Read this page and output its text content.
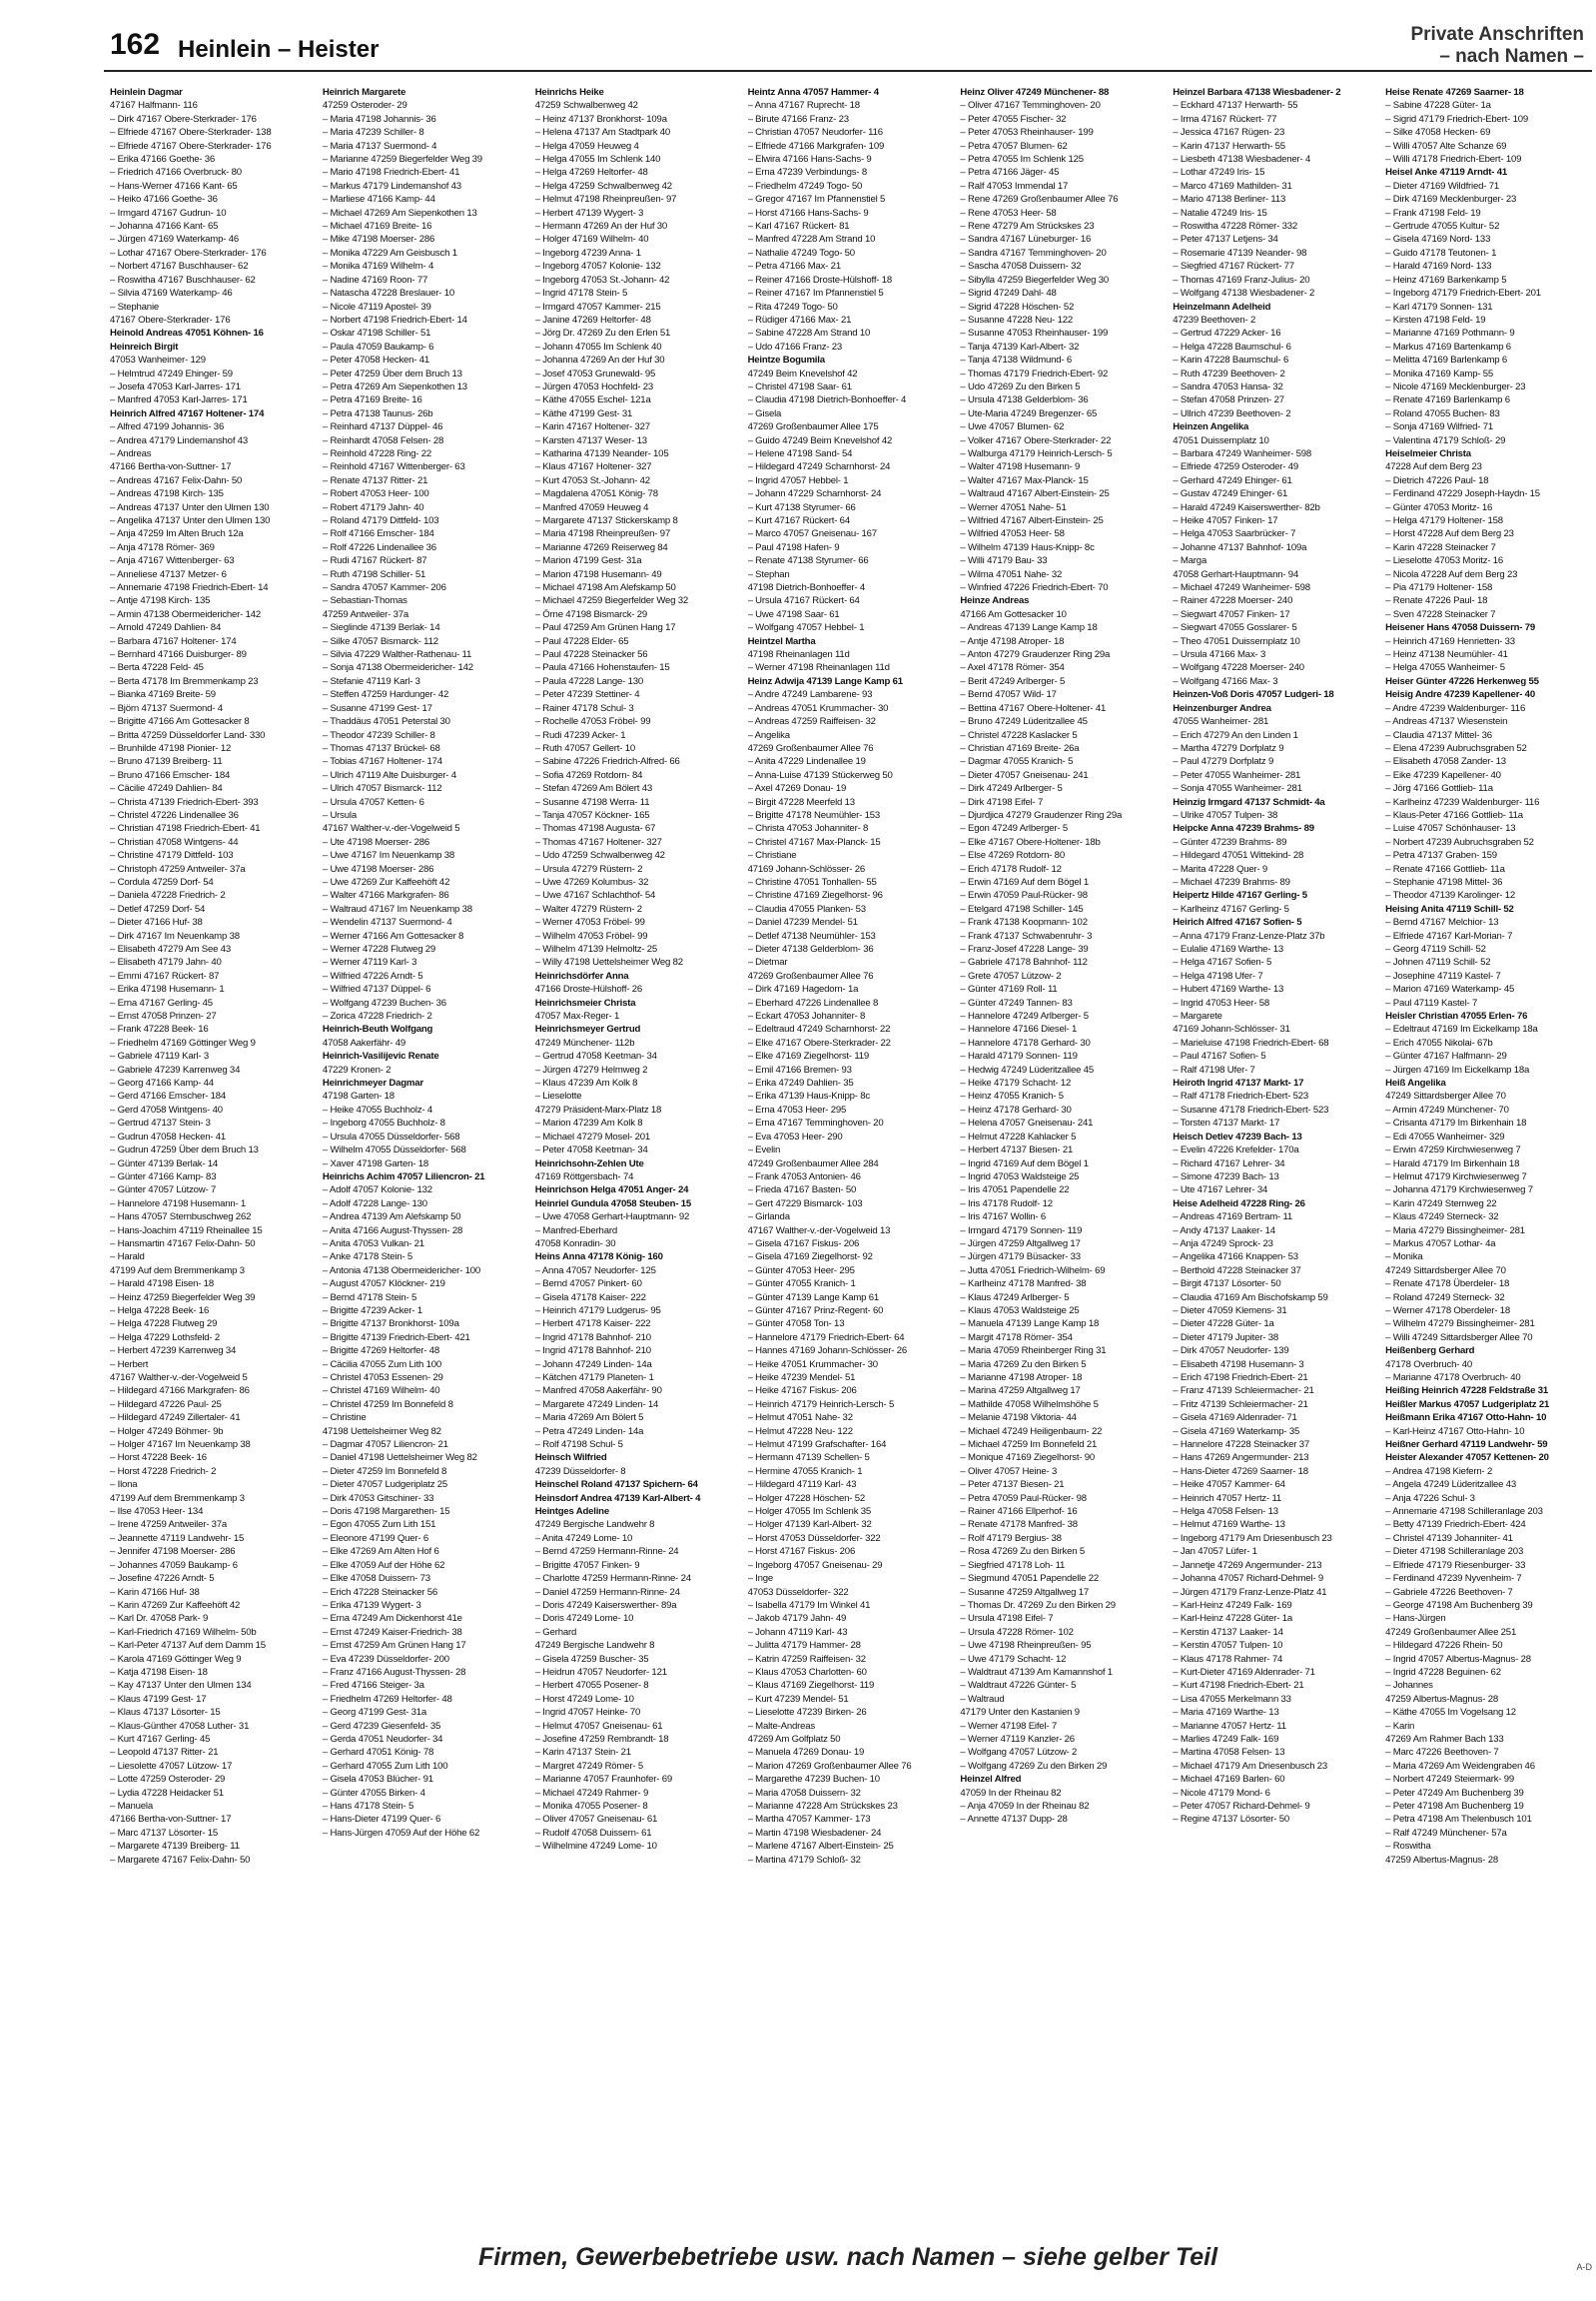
162 Heinlein – Heister
Private Anschriften
– nach Namen –
Heinlein Dagmar
47167 Halfmann- 116
– Dirk 47167 Obere-Sterkrader- 176
– Elfriede 47167 Obere-Sterkrader- 138
– Elfriede 47167 Obere-Sterkrader- 176
– Erika 47166 Goethe- 36
– Friedrich 47166 Overbruck- 80
– Hans-Werner 47166 Kant- 65
– Heiko 47166 Goethe- 36
– Irmgard 47167 Gudrun- 10
– Johanna 47166 Kant- 65
– Jürgen 47169 Waterkamp- 46
– Lothar 47167 Obere-Sterkrader- 176
– Norbert 47167 Buschhauser- 62
– Roswitha 47167 Buschhauser- 62
– Silvia 47169 Waterkamp- 46
– Stephanie
47167 Obere-Sterkrader- 176
Heinold Andreas 47051 Köhnen- 16
Heinreich Birgit
47053 Wanheimer- 129
– Helmtrud 47249 Ehinger- 59
– Josefa 47053 Karl-Jarres- 171
– Manfred 47053 Karl-Jarres- 171
Heinrich Alfred 47167 Holtener- 174
– Alfred 47199 Johannis- 36
– Andrea 47179 Lindemanshof 43
– Andreas
47166 Bertha-von-Suttner- 17
– Andreas 47167 Felix-Dahn- 50
– Andreas 47198 Kirch- 135
– Andreas 47137 Unter den Ulmen 130
– Angelika 47137 Unter den Ulmen 130
– Anja 47259 Im Alten Bruch 12a
– Anja 47178 Römer- 369
– Anja 47167 Wittenberger- 63
– Anneliese 47137 Metzer- 6
– Annemarie 47198 Friedrich-Ebert- 14
– Antje 47198 Kirch- 135
– Armin 47138 Obermeidericher- 142
– Arnold 47249 Dahlien- 84
– Barbara 47167 Holtener- 174
– Bernhard 47166 Duisburger- 89
– Berta 47228 Feld- 45
– Berta 47178 Im Bremmenkamp 23
– Bianka 47169 Breite- 59
– Björn 47137 Suermond- 4
– Brigitte 47166 Am Gottesacker 8
– Britta 47259 Düsseldorfer Land- 330
– Brunhilde 47198 Pionier- 12
– Bruno 47139 Breiberg- 11
– Bruno 47166 Emscher- 184
– Cäcilie 47249 Dahlien- 84
– Christa 47139 Friedrich-Ebert- 393
– Christel 47226 Lindenallee 36
– Christian 47198 Friedrich-Ebert- 41
– Christian 47058 Wintgens- 44
– Christine 47179 Dittfeld- 103
– Christoph 47259 Antweiler- 37a
– Cordula 47259 Dorf- 54
– Daniela 47228 Friedrich- 2
– Detlef 47259 Dorf- 54
– Dieter 47166 Huf- 38
– Dirk 47167 Im Neuenkamp 38
– Elisabeth 47279 Am See 43
– Elisabeth 47179 Jahn- 40
– Emmi 47167 Rückert- 87
– Erika 47198 Husemann- 1
– Erna 47167 Gerling- 45
– Ernst 47058 Prinzen- 27
– Frank 47228 Beek- 16
– Friedhelm 47169 Göttinger Weg 9
– Gabriele 47119 Karl- 3
– Gabriele 47239 Karrenweg 34
– Georg 47166 Kamp- 44
– Gerd 47166 Emscher- 184
– Gerd 47058 Wintgens- 40
– Gertrud 47137 Stein- 3
– Gudrun 47058 Hecken- 41
– Gudrun 47259 Über dem Bruch 13
– Günter 47139 Berlak- 14
– Günter 47166 Kamp- 83
– Günter 47057 Lützow- 7
– Hannelore 47198 Husemann- 1
– Hans 47057 Sternbuschweg 262
– Hans-Joachim 47119 Rheinallee 15
– Hansmartin 47167 Felix-Dahn- 50
– Harald
47199 Auf dem Bremmenkamp 3
– Harald 47198 Eisen- 18
– Heinz 47259 Biegerfelder Weg 39
– Helga 47228 Beek- 16
– Helga 47228 Flutweg 29
– Helga 47229 Lothsfeld- 2
– Herbert 47239 Karrenweg 34
– Herbert
47167 Walther-v.-der-Vogelweid 5
– Hildegard 47166 Markgrafen- 86
– Hildegard 47226 Paul- 25
– Hildegard 47249 Zillertaler- 41
– Holger 47249 Böhmer- 9b
– Holger 47167 Im Neuenkamp 38
– Horst 47228 Beek- 16
– Horst 47228 Friedrich- 2
– Ilona
47199 Auf dem Bremmenkamp 3
– Ilse 47053 Heer- 134
– Irene 47259 Antweiler- 37a
– Jeannette 47119 Landwehr- 15
– Jennifer 47198 Moerser- 286
– Johannes 47059 Baukamp- 6
– Josefine 47226 Arndt- 5
– Karin 47166 Huf- 38
– Karin 47269 Zur Kaffeehöft 42
– Karl Dr. 47058 Park- 9
– Karl-Friedrich 47169 Wilhelm- 50b
– Karl-Peter 47137 Auf dem Damm 15
– Karola 47169 Göttinger Weg 9
– Katja 47198 Eisen- 18
– Kay 47137 Unter den Ulmen 134
– Klaus 47199 Gest- 17
– Klaus 47137 Lösorter- 15
– Klaus-Günther 47058 Luther- 31
– Kurt 47167 Gerling- 45
– Leopold 47137 Ritter- 21
– Liesolette 47057 Lützow- 17
– Lotte 47259 Osteroder- 29
– Lydia 47228 Heidacker 51
– Manuela
47166 Bertha-von-Suttner- 17
– Marc 47137 Lösorter- 15
– Margarete 47139 Breiberg- 11
– Margarete 47167 Felix-Dahn- 50
Heinrich Margarete
47259 Osteroder- 29
– Maria 47198 Johannis- 36
– Maria 47239 Schiller- 8
– Maria 47137 Suermond- 4
– Marianne 47259 Biegerfelder Weg 39
– Mario 47198 Friedrich-Ebert- 41
– Markus 47179 Lindemanshof 43
– Marliese 47166 Kamp- 44
– Michael 47269 Am Siepenkothen 13
– Michael 47169 Breite- 16
– Mike 47198 Moerser- 286
– Monika 47229 Am Geisbusch 1
– Monika 47169 Wilhelm- 4
– Nadine 47169 Roon- 77
– Natascha 47228 Breslauer- 10
– Nicole 47119 Apostel- 39
– Norbert 47198 Friedrich-Ebert- 14
– Oskar 47198 Schiller- 51
– Paula 47059 Baukamp- 6
– Peter 47058 Hecken- 41
– Peter 47259 Über dem Bruch 13
– Petra 47269 Am Siepenkothen 13
– Petra 47169 Breite- 16
– Petra 47138 Taunus- 26b
– Reinhard 47137 Düppel- 46
– Reinhardt 47058 Felsen- 28
– Reinhold 47228 Ring- 22
– Reinhold 47167 Wittenberger- 63
– Renate 47137 Ritter- 21
– Robert 47053 Heer- 100
– Robert 47179 Jahn- 40
– Roland 47179 Dittfeld- 103
– Rolf 47166 Emscher- 184
– Rolf 47226 Lindenallee 36
– Rudi 47167 Rückert- 87
– Ruth 47198 Schiller- 51
– Sandra 47057 Kammer- 206
– Sebastian-Thomas
47259 Antweiler- 37a
– Sieglinde 47139 Berlak- 14
– Silke 47057 Bismarck- 112
– Silvia 47229 Walther-Rathenau- 11
– Sonja 47138 Obermeidericher- 142
– Stefanie 47119 Karl- 3
– Steffen 47259 Hardunger- 42
– Susanne 47199 Gest- 17
– Thaddäus 47051 Peterstal 30
– Theodor 47239 Schiller- 8
– Thomas 47137 Brückel- 68
– Tobias 47167 Holtener- 174
– Ulrich 47119 Alte Duisburger- 4
– Ulrich 47057 Bismarck- 112
– Ursula 47057 Ketten- 6
– Ursula
47167 Walther-v.-der-Vogelweid 5
– Ute 47198 Moerser- 286
– Uwe 47167 Im Neuenkamp 38
– Uwe 47198 Moerser- 286
– Uwe 47269 Zur Kaffeehöft 42
– Walter 47166 Markgrafen- 86
– Waltraud 47167 Im Neuenkamp 38
– Wendelin 47137 Suermond- 4
– Werner 47166 Am Gottesacker 8
– Werner 47228 Flutweg 29
– Werner 47119 Karl- 3
– Wilfried 47226 Arndt- 5
– Wilfried 47137 Düppel- 6
– Wolfgang 47239 Buchen- 36
– Zorica 47228 Friedrich- 2
Heinrich-Beuth Wolfgang
47058 Aakerfähr- 49
Heinrich-Vasilijevic Renate
47229 Kronen- 2
Heinrichmeyer Dagmar
47198 Garten- 18
– Heike 47055 Buchholz- 4
– Ingeborg 47055 Buchholz- 8
– Ursula 47055 Düsseldorfer- 568
– Wilhelm 47055 Düsseldorfer- 568
– Xaver 47198 Garten- 18
Heinrichs Achim 47057 Liliencron- 21
– Adolf 47057 Kolonie- 132
– Adolf 47228 Lange- 130
– Andrea 47139 Am Alefskamp 50
– Anita 47166 August-Thyssen- 28
– Anita 47053 Vulkan- 21
– Anke 47178 Stein- 5
– Antonia 47138 Obermeidericher- 100
– August 47057 Klöckner- 219
– Bernd 47178 Stein- 5
– Brigitte 47239 Acker- 1
– Brigitte 47137 Bronkhorst- 109a
– Brigitte 47139 Friedrich-Ebert- 421
– Brigitte 47269 Heltorfer- 48
– Cäcilia 47055 Zum Lith 100
– Christel 47053 Essenen- 29
– Christel 47169 Wilhelm- 40
– Christel 47259 Im Bonnefeld 8
– Christine
47198 Uettelsheimer Weg 82
– Dagmar 47057 Liliencron- 21
– Daniel 47198 Uettelsheimer Weg 82
– Dieter 47259 Im Bonnefeld 8
– Dieter 47057 Ludgeriplatz 25
– Dirk 47053 Gitschiner- 33
– Doris 47198 Margarethen- 15
– Egon 47055 Zum Lith 151
– Eleonore 47199 Quer- 6
– Elke 47269 Am Alten Hof 6
– Elke 47059 Auf der Höhe 62
– Elke 47058 Duissern- 73
– Erich 47228 Steinacker 56
– Erika 47139 Wygert- 3
– Erna 47249 Am Dickenhorst 41e
– Ernst 47249 Kaiser-Friedrich- 38
– Ernst 47259 Am Grünen Hang 17
– Eva 47239 Düsseldorfer- 200
– Franz 47166 August-Thyssen- 28
– Fred 47166 Steiger- 3a
– Friedhelm 47269 Heltorfer- 48
– Georg 47199 Gest- 31a
– Gerd 47239 Giesenfeld- 35
– Gerda 47051 Neudorfer- 34
– Gerhard 47051 König- 78
– Gerhard 47055 Zum Lith 100
– Gisela 47053 Blücher- 91
– Günter 47055 Birken- 4
– Hans 47178 Stein- 5
– Hans-Dieter 47199 Quer- 6
– Hans-Jürgen 47059 Auf der Höhe 62
Heinrichs Heike
47259 Schwalbenweg 42
– Heinz 47137 Bronkhorst- 109a
– Helena 47137 Am Stadtpark 40
– Helga 47059 Heuweg 4
– Helga 47055 Im Schlenk 140
– Helga 47269 Heltorfer- 48
– Helga 47259 Schwalbenweg 42
– Helmut 47198 Rheinpreußen- 97
– Herbert 47139 Wygert- 3
– Hermann 47269 An der Huf 30
– Holger 47169 Wilhelm- 40
– Ingeborg 47239 Anna- 1
– Ingeborg 47057 Kolonie- 132
– Ingeborg 47053 St.-Johann- 42
– Ingrid 47178 Stein- 5
– Irmgard 47057 Kammer- 215
– Janine 47269 Heltorfer- 48
– Jörg Dr. 47269 Zu den Erlen 51
– Johann 47055 Im Schlenk 40
– Johanna 47269 An der Huf 30
– Josef 47053 Grunewald- 95
– Jürgen 47053 Hochfeld- 23
– Käthe 47055 Eschel- 121a
– Käthe 47199 Gest- 31
– Karin 47167 Holtener- 327
– Karsten 47137 Weser- 13
– Katharina 47139 Neander- 105
– Klaus 47167 Holtener- 327
– Kurt 47053 St.-Johann- 42
– Magdalena 47051 König- 78
– Manfred 47059 Heuweg 4
– Margarete 47137 Stickerskamp 8
– Maria 47198 Rheinpreußen- 97
– Marianne 47269 Reiserweg 84
– Marion 47199 Gest- 31a
– Marion 47198 Husemann- 49
– Michael 47198 Am Alefskamp 50
– Michael 47259 Biegerfelder Weg 32
– Örne 47198 Bismarck- 29
– Paul 47259 Am Grünen Hang 17
– Paul 47228 Elder- 65
– Paul 47228 Steinacker 56
– Paula 47166 Hohenstaufen- 15
– Paula 47228 Lange- 130
– Peter 47239 Stettiner- 4
– Rainer 47178 Schul- 3
– Rochelle 47053 Fröbel- 99
– Rudi 47239 Acker- 1
– Ruth 47057 Gellert- 10
– Sabine 47226 Friedrich-Alfred- 66
– Sofia 47269 Rotdorn- 84
– Stefan 47269 Am Bölert 43
– Susanne 47198 Werra- 11
– Tanja 47057 Köckner- 165
– Thomas 47198 Augusta- 67
– Thomas 47167 Holtener- 327
– Udo 47259 Schwalbenweg 42
– Ursula 47279 Rüstern- 2
– Uwe 47269 Kolumbus- 32
– Uwe 47167 Schlachthof- 54
– Walter 47279 Rüstern- 2
– Werner 47053 Fröbel- 99
– Wilhelm 47053 Fröbel- 99
– Wilhelm 47139 Helmoltz- 25
– Willy 47198 Uettelsheimer Weg 82
Heinrichsdörfer Anna
47166 Droste-Hülshoff- 26
Heinrichsmeier Christa
47057 Max-Reger- 1
Heinrichsmeyer Gertrud
47249 Münchener- 112b
– Gertrud 47058 Keetman- 34
– Jürgen 47279 Helmweg 2
– Klaus 47239 Am Kolk 8
– Lieselotte
47279 Präsident-Marx-Platz 18
– Marion 47239 Am Kolk 8
– Michael 47279 Mosel- 201
– Peter 47058 Keetman- 34
Heinrichsohn-Zehlen Ute
47169 Röttgersbach- 74
Heinrichson Helga 47051 Anger- 24
Heinriel Gundula 47058 Steuben- 15
– Uwe 47058 Gerhart-Hauptmann- 92
– Manfred-Eberhard
47058 Konradin- 30
Heins Anna 47178 König- 160
– Anna 47057 Neudorfer- 125
– Bernd 47057 Pinkert- 60
– Gisela 47178 Kaiser- 222
– Heinrich 47179 Ludgerus- 95
– Herbert 47178 Kaiser- 222
– Ingrid 47178 Bahnhof- 210
– Ingrid 47178 Bahnhof- 210
– Johann 47249 Linden- 14a
– Kätchen 47179 Planeten- 1
– Manfred 47058 Aakerfähr- 90
– Margarete 47249 Linden- 14
– Maria 47269 Am Bölert 5
– Petra 47249 Linden- 14a
– Rolf 47198 Schul- 5
Heinsch Wilfried
47239 Düsseldorfer- 8
Heinschel Roland 47137 Spichern- 64
Heinsdorf Andrea 47139 Karl-Albert- 4
Heintges Adeline
47249 Bergische Landwehr 8
– Anita 47249 Lome- 10
– Bernd 47259 Hermann-Rinne- 24
– Brigitte 47057 Finken- 9
– Charlotte 47259 Hermann-Rinne- 24
– Daniel 47259 Hermann-Rinne- 24
– Doris 47249 Kaiserswerther- 89a
– Doris 47249 Lome- 10
– Gerhard
47249 Bergische Landwehr 8
– Gisela 47259 Buscher- 35
– Heidrun 47057 Neudorfer- 121
– Herbert 47055 Posener- 8
– Horst 47249 Lome- 10
– Ingrid 47057 Heinke- 70
– Helmut 47057 Gneisenau- 61
– Josefine 47259 Rembrandt- 18
– Karin 47137 Stein- 21
– Margret 47249 Römer- 5
– Marianne 47057 Fraunhofer- 69
– Michael 47249 Rahmer- 9
– Monika 47055 Posener- 8
– Oliver 47057 Gneisenau- 61
– Rudolf 47058 Duissern- 61
– Wilhelmine 47249 Lome- 10
Heintz Anna 47057 Hammer- 4
– Anna 47167 Ruprecht- 18
– Birute 47166 Franz- 23
– Christian 47057 Neudorfer- 116
– Elfriede 47166 Markgrafen- 109
– Elwira 47166 Hans-Sachs- 9
– Erna 47239 Verbindungs- 8
– Friedhelm 47249 Togo- 50
– Gregor 47167 Im Pfannenstiel 5
– Horst 47166 Hans-Sachs- 9
– Karl 47167 Rückert- 81
– Manfred 47228 Am Strand 10
– Nathalie 47249 Togo- 50
– Petra 47166 Max- 21
– Reiner 47166 Droste-Hülshoff- 18
– Reiner 47167 Im Pfannenstiel 5
– Rita 47249 Togo- 50
– Rüdiger 47166 Max- 21
– Sabine 47228 Am Strand 10
– Udo 47166 Franz- 23
Heintze Bogumila
47249 Beim Knevelshof 42
– Christel 47198 Saar- 61
– Claudia 47198 Dietrich-Bonhoeffer- 4
– Gisela
47269 Großenbaumer Allee 175
– Guido 47249 Beim Knevelshof 42
– Helene 47198 Sand- 54
– Hildegard 47249 Scharnhorst- 24
– Ingrid 47057 Hebbel- 1
– Johann 47229 Scharnhorst- 24
– Kurt 47138 Styrumer- 66
– Kurt 47167 Rückert- 64
– Marco 47057 Gneisenau- 167
– Paul 47198 Hafen- 9
– Renate 47138 Styrumer- 66
– Stephan
47198 Dietrich-Bonhoeffer- 4
– Ursula 47167 Rückert- 64
– Uwe 47198 Saar- 61
– Wolfgang 47057 Hebbel- 1
Heintzel Martha
47198 Rheinanlagen 11d
– Werner 47198 Rheinanlagen 11d
Heinz Adwija 47139 Lange Kamp 61
– Andre 47249 Lambarene- 93
– Andreas 47051 Krummacher- 30
– Andreas 47259 Raiffeisen- 32
– Angelika
47269 Großenbaumer Allee 76
– Anita 47229 Lindenallee 19
– Anna-Luise 47139 Stückerweg 50
– Axel 47269 Donau- 19
– Birgit 47228 Meerfeld 13
– Brigitte 47178 Neumühler- 153
– Christa 47053 Johanniter- 8
– Christel 47167 Max-Planck- 15
– Christiane
47169 Johann-Schlösser- 26
– Christine 47051 Tonhallen- 55
– Christine 47169 Ziegelhorst- 96
– Claudia 47055 Planken- 53
– Daniel 47239 Mendel- 51
– Detlef 47138 Neumühler- 153
– Dieter 47138 Gelderblom- 36
– Dietmar
47269 Großenbaumer Allee 76
– Dirk 47169 Hagedorn- 1a
– Eberhard 47226 Lindenallee 8
– Eckart 47053 Johanniter- 8
– Edeltraud 47249 Scharnhorst- 22
– Elke 47167 Obere-Sterkrader- 22
– Elke 47169 Ziegelhorst- 119
– Emil 47166 Bremen- 93
– Erika 47249 Dahlien- 35
– Erika 47139 Haus-Knipp- 8c
– Erna 47053 Heer- 295
– Erna 47167 Temminghoven- 20
– Eva 47053 Heer- 290
– Evelin
47249 Großenbaumer Allee 284
– Frank 47053 Antonien- 46
– Frieda 47167 Basten- 50
– Gert 47229 Bismarck- 103
– Girlanda
47167 Walther-v.-der-Vogelweid 13
– Gisela 47167 Fiskus- 206
– Gisela 47169 Ziegelhorst- 92
– Günter 47053 Heer- 295
– Günter 47055 Kranich- 1
– Günter 47139 Lange Kamp 61
– Günter 47167 Prinz-Regent- 60
– Günter 47058 Ton- 13
– Hannelore 47179 Friedrich-Ebert- 64
– Hannes 47169 Johann-Schlösser- 26
– Heike 47051 Krummacher- 30
– Heike 47239 Mendel- 51
– Heike 47167 Fiskus- 206
– Heinrich 47179 Heinrich-Lersch- 5
– Helmut 47051 Nahe- 32
– Helmut 47228 Neu- 122
– Helmut 47199 Grafschafter- 164
– Hermann 47139 Schellen- 5
– Hermine 47055 Kranich- 1
– Hildegard 47119 Karl- 43
– Holger 47228 Höschen- 52
– Holger 47055 Im Schlenk 35
– Holger 47139 Karl-Albert- 32
– Horst 47053 Düsseldorfer- 322
– Horst 47167 Fiskus- 206
– Ingeborg 47057 Gneisenau- 29
– Inge
47053 Düsseldorfer- 322
– Isabella 47179 Im Winkel 41
– Jakob 47179 Jahn- 49
– Johann 47119 Karl- 43
– Julitta 47179 Hammer- 28
– Katrin 47259 Raiffeisen- 32
– Klaus 47053 Charlotten- 60
– Klaus 47169 Ziegelhorst- 119
– Kurt 47239 Mendel- 51
– Lieselotte 47239 Birken- 26
– Malte-Andreas
47269 Am Golfplatz 50
– Manuela 47269 Donau- 19
– Marion 47269 Großenbaumer Allee 76
– Margarethe 47239 Buchen- 10
– Maria 47058 Duissern- 32
– Marianne 47228 Am Strückskes 23
– Martha 47057 Kammer- 173
– Martin 47198 Wiesbadener- 24
– Marlene 47167 Albert-Einstein- 25
– Martina 47179 Schloß- 32
Heinz Oliver 47249 Münchener- 88
– Oliver 47167 Temminghoven- 20
– Peter 47055 Fischer- 32
– Peter 47053 Rheinhauser- 199
– Petra 47057 Blumen- 62
– Petra 47055 Im Schlenk 125
– Petra 47166 Jäger- 45
– Ralf 47053 Immendal 17
– Rene 47269 Großenbaumer Allee 76
– Rene 47053 Heer- 58
– Rene 47279 Am Strückskes 23
– Sandra 47167 Lüneburger- 16
– Sandra 47167 Temminghoven- 20
– Sascha 47058 Duissern- 32
– Sibylla 47259 Biegerfelder Weg 30
– Sigrid 47249 Dahl- 48
– Sigrid 47228 Höschen- 52
– Susanne 47228 Neu- 122
– Susanne 47053 Rheinhauser- 199
– Tanja 47139 Karl-Albert- 32
– Tanja 47138 Wildmund- 6
– Thomas 47179 Friedrich-Ebert- 92
– Udo 47269 Zu den Birken 5
– Ursula 47138 Gelderblom- 36
– Ute-Maria 47249 Bregenzer- 65
– Uwe 47057 Blumen- 62
– Volker 47167 Obere-Sterkrader- 22
– Walburga 47179 Heinrich-Lersch- 5
– Walter 47198 Husemann- 9
– Walter 47167 Max-Planck- 15
– Waltraud 47167 Albert-Einstein- 25
– Werner 47051 Nahe- 51
– Wilfried 47167 Albert-Einstein- 25
– Wilfried 47053 Heer- 58
– Wilhelm 47139 Haus-Knipp- 8c
– Willi 47179 Bau- 33
– Wilma 47051 Nahe- 32
– Winfried 47226 Friedrich-Ebert- 70
Heinze Andreas
47166 Am Gottesacker 10
– Andreas 47139 Lange Kamp 18
– Antje 47198 Atroper- 18
– Anton 47279 Graudenzer Ring 29a
– Axel 47178 Römer- 354
– Berit 47249 Arlberger- 5
– Bernd 47057 Wild- 17
– Bettina 47167 Obere-Holtener- 41
– Bruno 47249 Lüderitzallee 45
– Christel 47228 Kaslacker 5
– Christian 47169 Breite- 26a
– Dagmar 47055 Kranich- 5
– Dieter 47057 Gneisenau- 241
– Dirk 47249 Arlberger- 5
– Dirk 47198 Eifel- 7
– Djurdjica 47279 Graudenzer Ring 29a
– Egon 47249 Arlberger- 5
– Elke 47167 Obere-Holtener- 18b
– Else 47269 Rotdorn- 80
– Erich 47178 Rudolf- 12
– Erwin 47169 Auf dem Bögel 1
– Erwin 47059 Paul-Rücker- 98
– Etelgard 47198 Schiller- 145
– Frank 47138 Koopmann- 102
– Frank 47137 Schwabenruhr- 3
– Franz-Josef 47228 Lange- 39
– Gabriele 47178 Bahnhof- 112
– Grete 47057 Lützow- 2
– Günter 47169 Roll- 11
– Günter 47249 Tannen- 83
– Hannelore 47249 Arlberger- 5
– Hannelore 47166 Diesel- 1
– Hannelore 47178 Gerhard- 30
– Harald 47179 Sonnen- 119
– Hedwig 47249 Lüderitzallee 45
– Heike 47179 Schacht- 12
– Heinz 47055 Kranich- 5
– Heinz 47178 Gerhard- 30
– Helena 47057 Gneisenau- 241
– Helmut 47228 Kahlacker 5
– Herbert 47137 Biesen- 21
– Ingrid 47169 Auf dem Bögel 1
– Ingrid 47053 Waldsteige 25
– Iris 47051 Papendelle 22
– Iris 47178 Rudolf- 12
– Iris 47167 Wollin- 6
– Irmgard 47179 Sonnen- 119
– Jürgen 47259 Altgallweg 17
– Jürgen 47179 Büsacker- 33
– Jutta 47051 Friedrich-Wilhelm- 69
– Karlheinz 47178 Manfred- 38
– Klaus 47249 Arlberger- 5
– Klaus 47053 Waldsteige 25
– Manuela 47139 Lange Kamp 18
– Margit 47178 Römer- 354
– Maria 47059 Rheinberger Ring 31
– Maria 47269 Zu den Birken 5
– Marianne 47198 Atroper- 18
– Marina 47259 Altgallweg 17
– Mathilde 47058 Wilhelmshöhe 5
– Melanie 47198 Viktoria- 44
– Michael 47249 Heiligenbaum- 22
– Michael 47259 Im Bonnefeld 21
– Monique 47169 Ziegelhorst- 90
– Oliver 47057 Heine- 3
– Peter 47137 Biesen- 21
– Petra 47059 Paul-Rücker- 98
– Rainer 47166 Ellperhof- 16
– Renate 47178 Manfred- 38
– Rolf 47179 Bergius- 38
– Rosa 47269 Zu den Birken 5
– Siegfried 47178 Loh- 11
– Siegmund 47051 Papendelle 22
– Susanne 47259 Altgallweg 17
– Thomas Dr. 47269 Zu den Birken 29
– Ursula 47198 Eifel- 7
– Ursula 47228 Römer- 102
– Uwe 47198 Rheinpreußen- 95
– Uwe 47179 Schacht- 12
– Waldtraut 47139 Am Kamannshof 1
– Waldtraut 47226 Günter- 5
– Waltraud
47179 Unter den Kastanien 9
– Werner 47198 Eifel- 7
– Werner 47119 Kanzler- 26
– Wolfgang 47057 Lützow- 2
– Wolfgang 47269 Zu den Birken 29
Heinzel Alfred
47059 In der Rheinau 82
– Anja 47059 In der Rheinau 82
– Annette 47137 Dupp- 28
Heinzel Barbara 47138 Wiesbadener- 2
– Eckhard 47137 Herwarth- 55
– Irma 47167 Rückert- 77
– Jessica 47167 Rügen- 23
– Karin 47137 Herwarth- 55
– Liesbeth 47138 Wiesbadener- 4
– Lothar 47249 Iris- 15
– Marco 47169 Mathilden- 31
– Mario 47138 Berliner- 113
– Natalie 47249 Iris- 15
– Roswitha 47228 Römer- 332
– Peter 47137 Letjens- 34
– Rosemarie 47139 Neander- 98
– Siegfried 47167 Rückert- 77
– Thomas 47169 Franz-Julius- 20
– Wolfgang 47138 Wiesbadener- 2
Heinzelmann Adelheid
47239 Beethoven- 2
– Gertrud 47229 Acker- 16
– Helga 47228 Baumschul- 6
– Karin 47228 Baumschul- 6
– Ruth 47239 Beethoven- 2
– Sandra 47053 Hansa- 32
– Stefan 47058 Prinzen- 27
– Ullrich 47239 Beethoven- 2
Heinzen Angelika
47051 Duissernplatz 10
– Barbara 47249 Wanheimer- 598
– Elfriede 47259 Osteroder- 49
– Gerhard 47249 Ehinger- 61
– Gustav 47249 Ehinger- 61
– Harald 47249 Kaiserswerther- 82b
– Heike 47057 Finken- 17
– Helga 47053 Saarbrücker- 7
– Johanne 47137 Bahnhof- 109a
– Marga
47058 Gerhart-Hauptmann- 94
– Michael 47249 Wanheimer- 598
– Rainer 47228 Moerser- 240
– Siegwart 47057 Finken- 17
– Siegwart 47055 Gosslarer- 5
– Theo 47051 Duissernplatz 10
– Ursula 47166 Max- 3
– Wolfgang 47228 Moerser- 240
– Wolfgang 47166 Max- 3
Heinzen-Voß Doris 47057 Ludgeri- 18
Heinzenburger Andrea
47055 Wanheimer- 281
– Erich 47279 An den Linden 1
– Martha 47279 Dorfplatz 9
– Paul 47279 Dorfplatz 9
– Peter 47055 Wanheimer- 281
– Sonja 47055 Wanheimer- 281
Heinzig Irmgard 47137 Schmidt- 4a
– Ulrike 47057 Tulpen- 38
Heipcke Anna 47239 Brahms- 89
– Günter 47239 Brahms- 89
– Hildegard 47051 Wittekind- 28
– Marita 47228 Quer- 9
– Michael 47239 Brahms- 89
Heipertz Hilde 47167 Gerling- 5
– Karlheinz 47167 Gerling- 5
Heirich Alfred 47167 Sofien- 5
– Anna 47179 Franz-Lenze-Platz 37b
– Eulalie 47169 Warthe- 13
– Helga 47167 Sofien- 5
– Helga 47198 Ufer- 7
– Hubert 47169 Warthe- 13
– Ingrid 47053 Heer- 58
– Margarete
47169 Johann-Schlösser- 31
– Marieluise 47198 Friedrich-Ebert- 68
– Paul 47167 Sofien- 5
– Ralf 47198 Ufer- 7
Heiroth Ingrid 47137 Markt- 17
– Ralf 47178 Friedrich-Ebert- 523
– Susanne 47178 Friedrich-Ebert- 523
– Torsten 47137 Markt- 17
Heisch Detlev 47239 Bach- 13
– Evelin 47226 Krefelder- 170a
– Richard 47167 Lehrer- 34
– Simone 47239 Bach- 13
– Ute 47167 Lehrer- 34
Heise Adelheid 47228 Ring- 26
– Andreas 47169 Bertram- 11
– Andy 47137 Laaker- 14
– Anja 47249 Sprock- 23
– Angelika 47166 Knappen- 53
– Berthold 47228 Steinacker 37
– Birgit 47137 Lösorter- 50
– Claudia 47169 Am Bischofskamp 59
– Dieter 47059 Klemens- 31
– Dieter 47228 Güter- 1a
– Dieter 47179 Jupiter- 38
– Dirk 47057 Neudorfer- 139
– Elisabeth 47198 Husemann- 3
– Erich 47198 Friedrich-Ebert- 21
– Franz 47139 Schleiermacher- 21
– Fritz 47139 Schleiermacher- 21
– Gisela 47169 Aldenrader- 71
– Gisela 47169 Waterkamp- 35
– Hannelore 47228 Steinacker 37
– Hans 47269 Angermunder- 213
– Hans-Dieter 47269 Saarner- 18
– Heike 47057 Kammer- 64
– Heinrich 47057 Hertz- 11
– Helga 47058 Felsen- 13
– Helmut 47169 Warthe- 13
– Ingeborg 47179 Am Driesenbusch 23
– Jan 47057 Lüfer- 1
– Jannetje 47269 Angermunder- 213
– Johanna 47057 Richard-Dehmel- 9
– Jürgen 47179 Franz-Lenze-Platz 41
– Karl-Heinz 47249 Falk- 169
– Karl-Heinz 47228 Güter- 1a
– Kerstin 47137 Laaker- 14
– Kerstin 47057 Tulpen- 10
– Klaus 47178 Rahmer- 74
– Kurt-Dieter 47169 Aldenrader- 71
– Kurt 47198 Friedrich-Ebert- 21
– Lisa 47055 Merkelmann 33
– Maria 47169 Warthe- 13
– Marianne 47057 Hertz- 11
– Marlies 47249 Falk- 169
– Martina 47058 Felsen- 13
– Michael 47179 Am Driesenbusch 23
– Michael 47169 Barlen- 60
– Nicole 47179 Mond- 6
– Peter 47057 Richard-Dehmel- 9
– Regine 47137 Lösorter- 50
Heise Renate 47269 Saarner- 18
– Sabine 47228 Güter- 1a
– Sigrid 47179 Friedrich-Ebert- 109
– Silke 47058 Hecken- 69
– Willi 47057 Alte Schanze 69
– Willi 47178 Friedrich-Ebert- 109
Heisel Anke 47119 Arndt- 41
– Dieter 47169 Wildfried- 71
– Dirk 47169 Mecklenburger- 23
– Frank 47198 Feld- 19
– Gertrude 47055 Kultur- 52
– Gisela 47169 Nord- 133
– Guido 47178 Teutonen- 1
– Harald 47169 Nord- 133
– Heinz 47169 Barkenkamp 5
– Ingeborg 47179 Friedrich-Ebert- 201
– Karl 47179 Sonnen- 131
– Kirsten 47198 Feld- 19
– Marianne 47169 Pothmann- 9
– Markus 47169 Bartenkamp 6
– Melitta 47169 Barlenkamp 6
– Monika 47169 Kamp- 55
– Nicole 47169 Mecklenburger- 23
– Renate 47169 Barlenkamp 6
– Roland 47055 Buchen- 83
– Sonja 47169 Wilfried- 71
– Valentina 47179 Schloß- 29
Heiselmeier Christa
47228 Auf dem Berg 23
– Dietrich 47226 Paul- 18
– Ferdinand 47229 Joseph-Haydn- 15
– Günter 47053 Moritz- 16
– Helga 47179 Holtener- 158
– Horst 47228 Auf dem Berg 23
– Karin 47228 Steinacker 7
– Lieselotte 47053 Moritz- 16
– Nicola 47228 Auf dem Berg 23
– Pia 47179 Holtener- 158
– Renate 47226 Paul- 18
– Sven 47228 Steinacker 7
Heisener Hans 47058 Duissern- 79
– Heinrich 47169 Henrietten- 33
– Heinz 47138 Neumühler- 41
– Helga 47055 Wanheimer- 5
Heiser Günter 47226 Herkenweg 55
Heisig Andre 47239 Kapellener- 40
– Andre 47239 Waldenburger- 116
– Andreas 47137 Wiesenstein
– Claudia 47137 Mittel- 36
– Elena 47239 Aubruchsgraben 52
– Elisabeth 47058 Zander- 13
– Eike 47239 Kapellener- 40
– Jörg 47166 Gottlieb- 11a
– Karlheinz 47239 Waldenburger- 116
– Klaus-Peter 47166 Gottlieb- 11a
– Luise 47057 Schönhauser- 13
– Norbert 47239 Aubruchsgraben 52
– Petra 47137 Graben- 159
– Renate 47166 Gottlieb- 11a
– Stephanie 47198 Mittel- 36
– Theodor 47139 Karolinger- 12
Heising Anita 47119 Schill- 52
– Bernd 47167 Melchior- 13
– Elfriede 47167 Karl-Morian- 7
– Georg 47119 Schill- 52
– Johnen 47119 Schill- 52
– Josephine 47119 Kastel- 7
– Marion 47169 Waterkamp- 45
– Paul 47119 Kastel- 7
Heisler Christian 47055 Erlen- 76
– Edeltraut 47169 Im Eickelkamp 18a
– Erich 47055 Nikolai- 67b
– Günter 47167 Halfmann- 29
– Jürgen 47169 Im Eickelkamp 18a
Heiß Angelika
47249 Sittardsberger Allee 70
– Armin 47249 Münchener- 70
– Crisanta 47179 Im Birkenhain 18
– Edi 47055 Wanheimer- 329
– Erwin 47259 Kirchwiesenweg 7
– Harald 47179 Im Birkenhain 18
– Helmut 47179 Kirchwiesenweg 7
– Johanna 47179 Kirchwiesenweg 7
– Karin 47249 Sternweg 22
– Klaus 47249 Sterneck- 32
– Maria 47279 Bissingheimer- 281
– Markus 47057 Lothar- 4a
– Monika
47249 Sittardsberger Allee 70
– Renate 47178 Überdeler- 18
– Roland 47249 Sterneck- 32
– Werner 47178 Oberdeler- 18
– Wilhelm 47279 Bissingheimer- 281
– Willi 47249 Sittardsberger Allee 70
Heißenberg Gerhard
47178 Overbruch- 40
– Marianne 47178 Overbruch- 40
Heißing Heinrich 47228 Feldstraße 31
Heißler Markus 47057 Ludgeriplatz 21
Heißmann Erika 47167 Otto-Hahn- 10
– Karl-Heinz 47167 Otto-Hahn- 10
Heißner Gerhard 47119 Landwehr- 59
Heister Alexander 47057 Kettenen- 20
– Andrea 47198 Kiefern- 2
– Angela 47249 Lüderitzallee 43
– Anja 47226 Schul- 3
– Annemarie 47198 Schilleranlage 203
– Betty 47139 Friedrich-Ebert- 424
– Christel 47139 Johanniter- 41
– Dieter 47198 Schilleranlage 203
– Elfriede 47179 Riesenburger- 33
– Ferdinand 47239 Nyvenheim- 7
– Gabriele 47226 Beethoven- 7
– George 47198 Am Buchenberg 39
– Hans-Jürgen
47249 Großenbaumer Allee 251
– Hildegard 47226 Rhein- 50
– Ingrid 47057 Albertus-Magnus- 28
– Ingrid 47228 Beguinen- 62
– Johannes
47259 Albertus-Magnus- 28
– Käthe 47055 Im Vogelsang 12
– Karin
47269 Am Rahmer Bach 133
– Marc 47226 Beethoven- 7
– Maria 47269 Am Weidengraben 46
– Norbert 47249 Steiermark- 99
– Peter 47249 Am Buchenberg 39
– Peter 47198 Am Buchenberg 19
– Petra 47198 Am Thelenbusch 101
– Ralf 47249 Münchener- 57a
– Roswitha
47259 Albertus-Magnus- 28
Firmen, Gewerbebetriebe usw. nach Namen – siehe gelber Teil	A-D
